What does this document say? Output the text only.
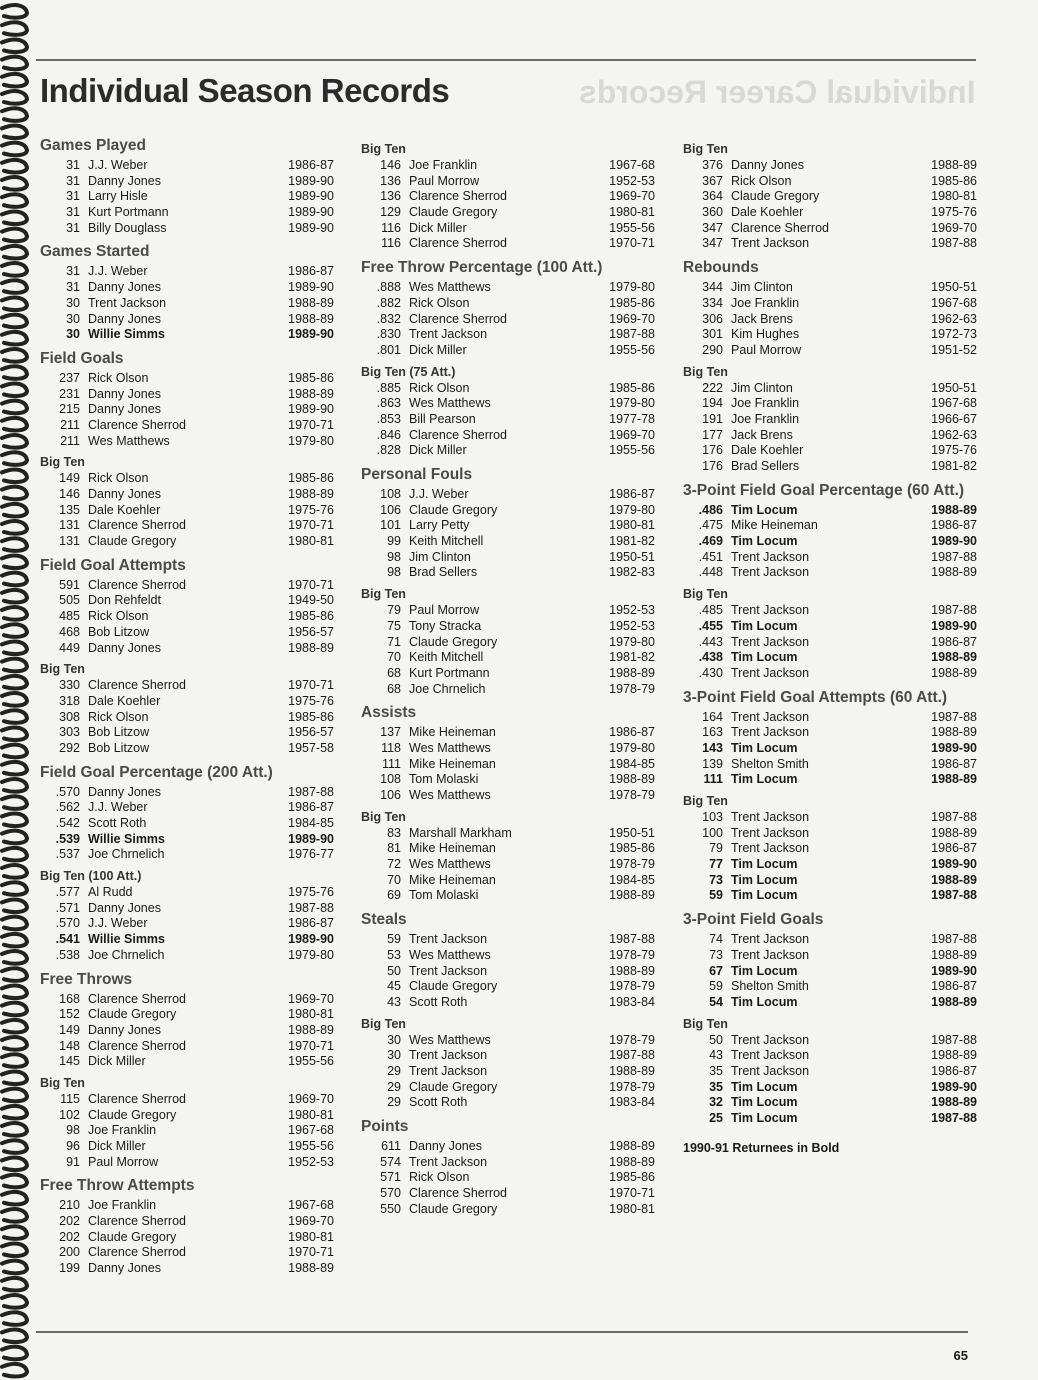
Individual Career Records
Individual Season Records
Games Played
31 J.J. Weber	1986-87
31 Danny Jones	1989-90
31 Larry Hisle	1989-90
31 Kurt Portmann	1989-90
31 Billy Douglass	1989-90
Games Started
31 J.J. Weber	1986-87
31 Danny Jones	1989-90
30 Trent Jackson	1988-89
30 Danny Jones	1988-89
30 Willie Simms	1989-90
Field Goals
237 Rick Olson	1985-86
231 Danny Jones	1988-89
215 Danny Jones	1989-90
211 Clarence Sherrod	1970-71
211 Wes Matthews	1979-80
Big Ten
149 Rick Olson	1985-86
146 Danny Jones	1988-89
135 Dale Koehler	1975-76
131 Clarence Sherrod	1970-71
131 Claude Gregory	1980-81
Field Goal Attempts
591 Clarence Sherrod	1970-71
505 Don Rehfeldt	1949-50
485 Rick Olson	1985-86
468 Bob Litzow	1956-57
449 Danny Jones	1988-89
Big Ten
330 Clarence Sherrod	1970-71
318 Dale Koehler	1975-76
308 Rick Olson	1985-86
303 Bob Litzow	1956-57
292 Bob Litzow	1957-58
Field Goal Percentage (200 Att.)
.570 Danny Jones	1987-88
.562 J.J. Weber	1986-87
.542 Scott Roth	1984-85
.539 Willie Simms	1989-90
.537 Joe Chrnelich	1976-77
Big Ten (100 Att.)
.577 Al Rudd	1975-76
.571 Danny Jones	1987-88
.570 J.J. Weber	1986-87
.541 Willie Simms	1989-90
.538 Joe Chrnelich	1979-80
Free Throws
168 Clarence Sherrod	1969-70
152 Claude Gregory	1980-81
149 Danny Jones	1988-89
148 Clarence Sherrod	1970-71
145 Dick Miller	1955-56
Big Ten
115 Clarence Sherrod	1969-70
102 Claude Gregory	1980-81
98 Joe Franklin	1967-68
96 Dick Miller	1955-56
91 Paul Morrow	1952-53
Free Throw Attempts
210 Joe Franklin	1967-68
202 Clarence Sherrod	1969-70
202 Claude Gregory	1980-81
200 Clarence Sherrod	1970-71
199 Danny Jones	1988-89
Big Ten
146 Joe Franklin	1967-68
136 Paul Morrow	1952-53
136 Clarence Sherrod	1969-70
129 Claude Gregory	1980-81
116 Dick Miller	1955-56
116 Clarence Sherrod	1970-71
Free Throw Percentage (100 Att.)
.888 Wes Matthews	1979-80
.882 Rick Olson	1985-86
.832 Clarence Sherrod	1969-70
.830 Trent Jackson	1987-88
.801 Dick Miller	1955-56
Big Ten (75 Att.)
.885 Rick Olson	1985-86
.863 Wes Matthews	1979-80
.853 Bill Pearson	1977-78
.846 Clarence Sherrod	1969-70
.828 Dick Miller	1955-56
Personal Fouls
108 J.J. Weber	1986-87
106 Claude Gregory	1979-80
101 Larry Petty	1980-81
99 Keith Mitchell	1981-82
98 Jim Clinton	1950-51
98 Brad Sellers	1982-83
Big Ten
79 Paul Morrow	1952-53
75 Tony Stracka	1952-53
71 Claude Gregory	1979-80
70 Keith Mitchell	1981-82
68 Kurt Portmann	1988-89
68 Joe Chrnelich	1978-79
Assists
137 Mike Heineman	1986-87
118 Wes Matthews	1979-80
111 Mike Heineman	1984-85
108 Tom Molaski	1988-89
106 Wes Matthews	1978-79
Big Ten
83 Marshall Markham	1950-51
81 Mike Heineman	1985-86
72 Wes Matthews	1978-79
70 Mike Heineman	1984-85
69 Tom Molaski	1988-89
Steals
59 Trent Jackson	1987-88
53 Wes Matthews	1978-79
50 Trent Jackson	1988-89
45 Claude Gregory	1978-79
43 Scott Roth	1983-84
Big Ten
30 Wes Matthews	1978-79
30 Trent Jackson	1987-88
29 Trent Jackson	1988-89
29 Claude Gregory	1978-79
29 Scott Roth	1983-84
Points
611 Danny Jones	1988-89
574 Trent Jackson	1988-89
571 Rick Olson	1985-86
570 Clarence Sherrod	1970-71
550 Claude Gregory	1980-81
Big Ten
376 Danny Jones	1988-89
367 Rick Olson	1985-86
364 Claude Gregory	1980-81
360 Dale Koehler	1975-76
347 Clarence Sherrod	1969-70
347 Trent Jackson	1987-88
Rebounds
344 Jim Clinton	1950-51
334 Joe Franklin	1967-68
306 Jack Brens	1962-63
301 Kim Hughes	1972-73
290 Paul Morrow	1951-52
Big Ten
222 Jim Clinton	1950-51
194 Joe Franklin	1967-68
191 Joe Franklin	1966-67
177 Jack Brens	1962-63
176 Dale Koehler	1975-76
176 Brad Sellers	1981-82
3-Point Field Goal Percentage (60 Att.)
.486 Tim Locum	1988-89
.475 Mike Heineman	1986-87
.469 Tim Locum	1989-90
.451 Trent Jackson	1987-88
.448 Trent Jackson	1988-89
Big Ten
.485 Trent Jackson	1987-88
.455 Tim Locum	1989-90
.443 Trent Jackson	1986-87
.438 Tim Locum	1988-89
.430 Trent Jackson	1988-89
3-Point Field Goal Attempts (60 Att.)
164 Trent Jackson	1987-88
163 Trent Jackson	1988-89
143 Tim Locum	1989-90
139 Shelton Smith	1986-87
111 Tim Locum	1988-89
Big Ten
103 Trent Jackson	1987-88
100 Trent Jackson	1988-89
79 Trent Jackson	1986-87
77 Tim Locum	1989-90
73 Tim Locum	1988-89
59 Tim Locum	1987-88
3-Point Field Goals
74 Trent Jackson	1987-88
73 Trent Jackson	1988-89
67 Tim Locum	1989-90
59 Shelton Smith	1986-87
54 Tim Locum	1988-89
Big Ten
50 Trent Jackson	1987-88
43 Trent Jackson	1988-89
35 Trent Jackson	1986-87
35 Tim Locum	1989-90
32 Tim Locum	1988-89
25 Tim Locum	1987-88
1990-91 Returnees in Bold
65
